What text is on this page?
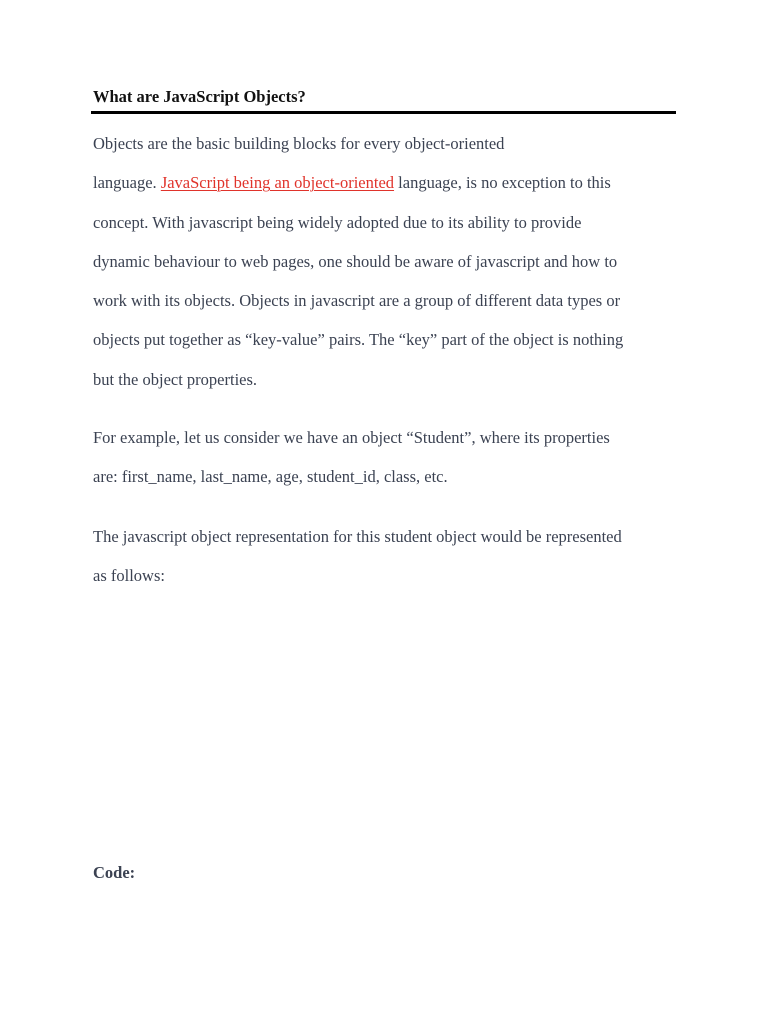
What are JavaScript Objects?

Objects are the basic building blocks for every object-oriented
language. JavaScript being an object-oriented language, is no exception to this
concept. With javascript being widely adopted due to its ability to provide
dynamic behaviour to web pages, one should be aware of javascript and how to
work with its objects. Objects in javascript are a group of different data types or
objects put together as “key-value” pairs. The “key” part of the object is nothing
but the object properties.

For example, let us consider we have an object “Student”, where its properties
are: first_name, last_name, age, student_id, class, etc.

The javascript object representation for this student object would be represented
as follows:

Code:
